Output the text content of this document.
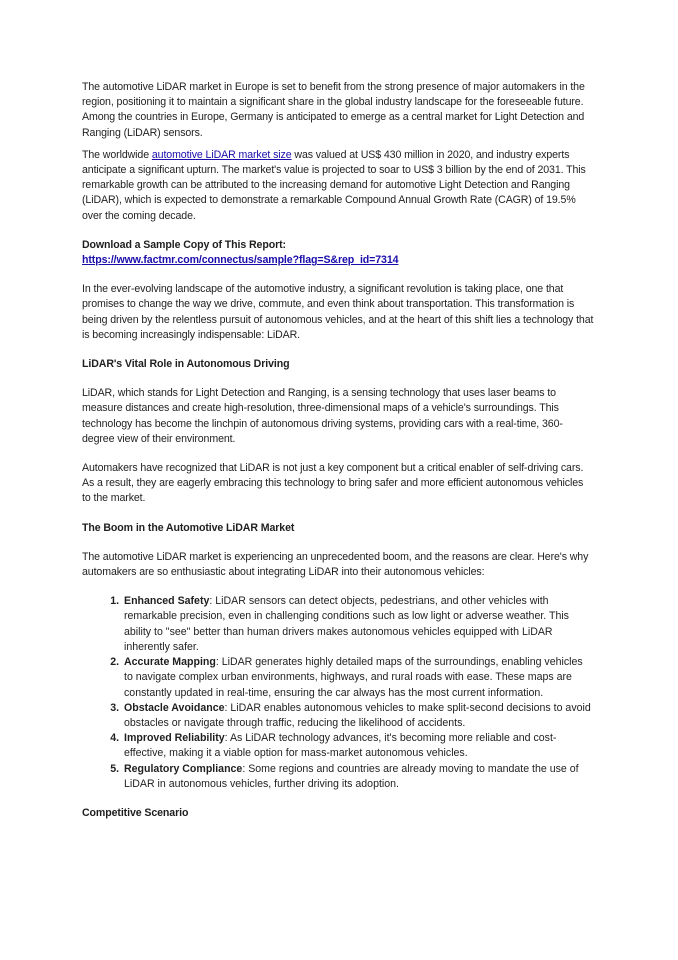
The automotive LiDAR market in Europe is set to benefit from the strong presence of major automakers in the region, positioning it to maintain a significant share in the global industry landscape for the foreseeable future. Among the countries in Europe, Germany is anticipated to emerge as a central market for Light Detection and Ranging (LiDAR) sensors.

The worldwide automotive LiDAR market size was valued at US$ 430 million in 2020, and industry experts anticipate a significant upturn. The market's value is projected to soar to US$ 3 billion by the end of 2031. This remarkable growth can be attributed to the increasing demand for automotive Light Detection and Ranging (LiDAR), which is expected to demonstrate a remarkable Compound Annual Growth Rate (CAGR) of 19.5% over the coming decade.

Download a Sample Copy of This Report:

https://www.factmr.com/connectus/sample?flag=S&rep_id=7314

In the ever-evolving landscape of the automotive industry, a significant revolution is taking place, one that promises to change the way we drive, commute, and even think about transportation. This transformation is being driven by the relentless pursuit of autonomous vehicles, and at the heart of this shift lies a technology that is becoming increasingly indispensable: LiDAR.

LiDAR's Vital Role in Autonomous Driving

LiDAR, which stands for Light Detection and Ranging, is a sensing technology that uses laser beams to measure distances and create high-resolution, three-dimensional maps of a vehicle's surroundings. This technology has become the linchpin of autonomous driving systems, providing cars with a real-time, 360-degree view of their environment.

Automakers have recognized that LiDAR is not just a key component but a critical enabler of self-driving cars. As a result, they are eagerly embracing this technology to bring safer and more efficient autonomous vehicles to the market.

The Boom in the Automotive LiDAR Market

The automotive LiDAR market is experiencing an unprecedented boom, and the reasons are clear. Here's why automakers are so enthusiastic about integrating LiDAR into their autonomous vehicles:

1. Enhanced Safety: LiDAR sensors can detect objects, pedestrians, and other vehicles with remarkable precision, even in challenging conditions such as low light or adverse weather. This ability to "see" better than human drivers makes autonomous vehicles equipped with LiDAR inherently safer.
2. Accurate Mapping: LiDAR generates highly detailed maps of the surroundings, enabling vehicles to navigate complex urban environments, highways, and rural roads with ease. These maps are constantly updated in real-time, ensuring the car always has the most current information.
3. Obstacle Avoidance: LiDAR enables autonomous vehicles to make split-second decisions to avoid obstacles or navigate through traffic, reducing the likelihood of accidents.
4. Improved Reliability: As LiDAR technology advances, it's becoming more reliable and cost-effective, making it a viable option for mass-market autonomous vehicles.
5. Regulatory Compliance: Some regions and countries are already moving to mandate the use of LiDAR in autonomous vehicles, further driving its adoption.

Competitive Scenario
